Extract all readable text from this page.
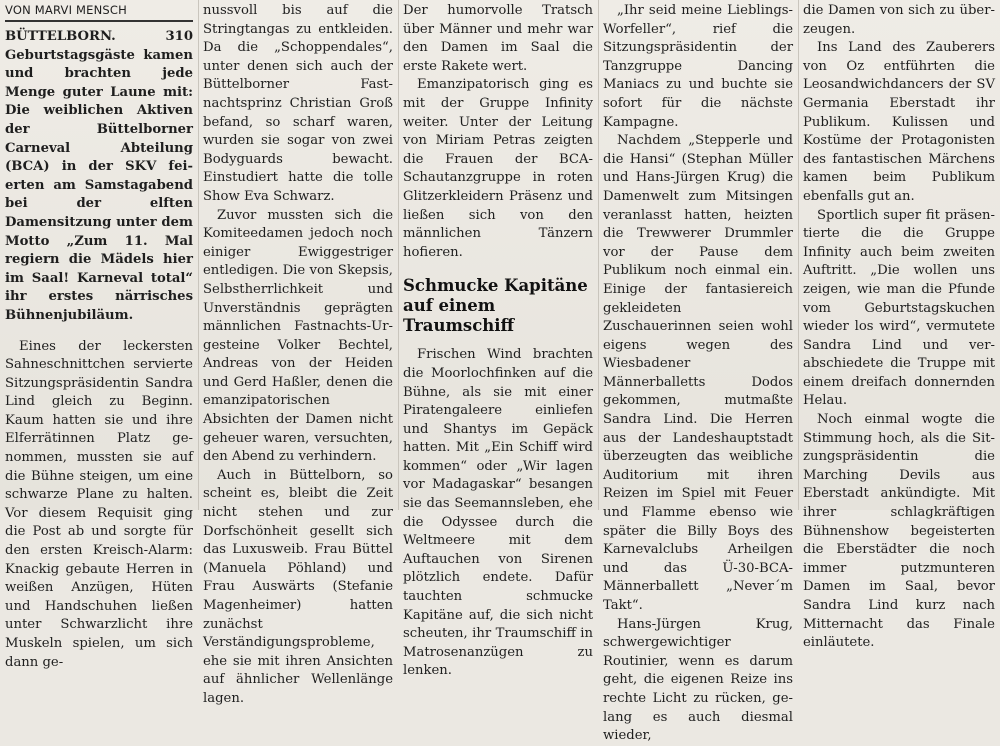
VON MARVI MENSCH

BÜTTELBORN. 310 Geburtstagsgäste kamen und brachten jede Menge guter Laune mit: Die weiblichen Aktiven der Büttelborner Carneval Abteilung (BCA) in der SKV feierten am Samstagabend bei der elften Damensitzung unter dem Motto „Zum 11. Mal regiern die Mädels hier im Saal! Karneval total“ ihr erstes närrisches Bühnenjubiläum.

Eines der leckersten Sahneschnittchen servierte Sitzungspräsidentin Sandra Lind gleich zu Beginn. Kaum hatten sie und ihre Elferrätinnen Platz genommen, mussten sie auf die Bühne steigen, um eine schwarze Plane zu halten. Vor diesem Requisit ging die Post ab und sorgte für den ersten Kreisch-Alarm: Knackig gebaute Herren in weißen Anzügen, Hüten und Handschuhen ließen unter Schwarzlicht ihre Muskeln spielen, um sich dann ge-

nussvoll bis auf die Stringtangas zu entkleiden. Da die „Schoppendales“, unter denen sich auch der Büttelborner Fastnachtsprinz Christian Groß befand, so scharf waren, wurden sie sogar von zwei Bodyguards bewacht. Einstudiert hatte die tolle Show Eva Schwarz.

Zuvor mussten sich die Komiteedamen jedoch noch einiger Ewiggestriger entledigen. Die von Skepsis, Selbstherrlichkeit und Unverständnis geprägten männlichen Fastnachts-Urgesteine Volker Bechtel, Andreas von der Heiden und Gerd Haßler, denen die emanzipatorischen Absichten der Damen nicht geheuer waren, versuchten, den Abend zu verhindern.

Auch in Büttelborn, so scheint es, bleibt die Zeit nicht stehen und zur Dorfschönheit gesellt sich das Luxusweib. Frau Büttel (Manuela Pöhland) und Frau Auswärts (Stefanie Magenheimer) hatten zunächst Verständigungsprobleme, ehe sie mit ihren Ansichten auf ähnlicher Wellenlänge lagen.

Der humorvolle Tratsch über Männer und mehr war den Damen im Saal die erste Rakete wert.

Emanzipatorisch ging es mit der Gruppe Infinity weiter. Unter der Leitung von Miriam Petras zeigten die Frauen der BCA-Schautanzgruppe in roten Glitzerkleidern Präsenz und ließen sich von den männlichen Tänzern hofieren.

Schmucke Kapitäne auf einem Traumschiff

Frischen Wind brachten die Moorlochfinken auf die Bühne, als sie mit einer Piratengaleere einliefen und Shantys im Gepäck hatten. Mit „Ein Schiff wird kommen“ oder „Wir lagen vor Madagaskar“ besangen sie das Seemannsleben, ehe die Odyssee durch die Weltmeere mit dem Auftauchen von Sirenen plötzlich endete. Dafür tauchten schmucke Kapitäne auf, die sich nicht scheuten, ihr Traumschiff in Matrosenanzügen zu lenken.

„Ihr seid meine Lieblings-Worfeller“, rief die Sitzungspräsidentin der Tanzgruppe Dancing Maniacs zu und buchte sie sofort für die nächste Kampagne.

Nachdem „Stepperle und die Hansi“ (Stephan Müller und Hans-Jürgen Krug) die Damenwelt zum Mitsingen veranlasst hatten, heizten die Trewwerer Drummler vor der Pause dem Publikum noch einmal ein. Einige der fantasiereich gekleideten Zuschauerinnen seien wohl eigens wegen des Wiesbadener Männerballetts Dodos gekommen, mutmaßte Sandra Lind. Die Herren aus der Landeshauptstadt überzeugten das weibliche Auditorium mit ihren Reizen im Spiel mit Feuer und Flamme ebenso wie später die Billy Boys des Karnevalclubs Arheilgen und das Ü-30-BCA-Männerballett „Never´m Takt“.

Hans-Jürgen Krug, schwergewichtiger Routinier, wenn es darum geht, die eigenen Reize ins rechte Licht zu rücken, gelang es auch diesmal wieder,

die Damen von sich zu überzeugen.

Ins Land des Zauberers von Oz entführten die Leosandwichdancers der SV Germania Eberstadt ihr Publikum. Kulissen und Kostüme der Protagonisten des fantastischen Märchens kamen beim Publikum ebenfalls gut an.

Sportlich super fit präsentierte die die Gruppe Infinity auch beim zweiten Auftritt. „Die wollen uns zeigen, wie man die Pfunde vom Geburtstagskuchen wieder los wird“, vermutete Sandra Lind und verabschiedete die Truppe mit einem dreifach donnernden Helau.

Noch einmal wogte die Stimmung hoch, als die Sitzungspräsidentin die Marching Devils aus Eberstadt ankündigte. Mit ihrer schlagkräftigen Bühnenshow begeisterten die Eberstädter die noch immer putzmunteren Damen im Saal, bevor Sandra Lind kurz nach Mitternacht das Finale einläutete.
